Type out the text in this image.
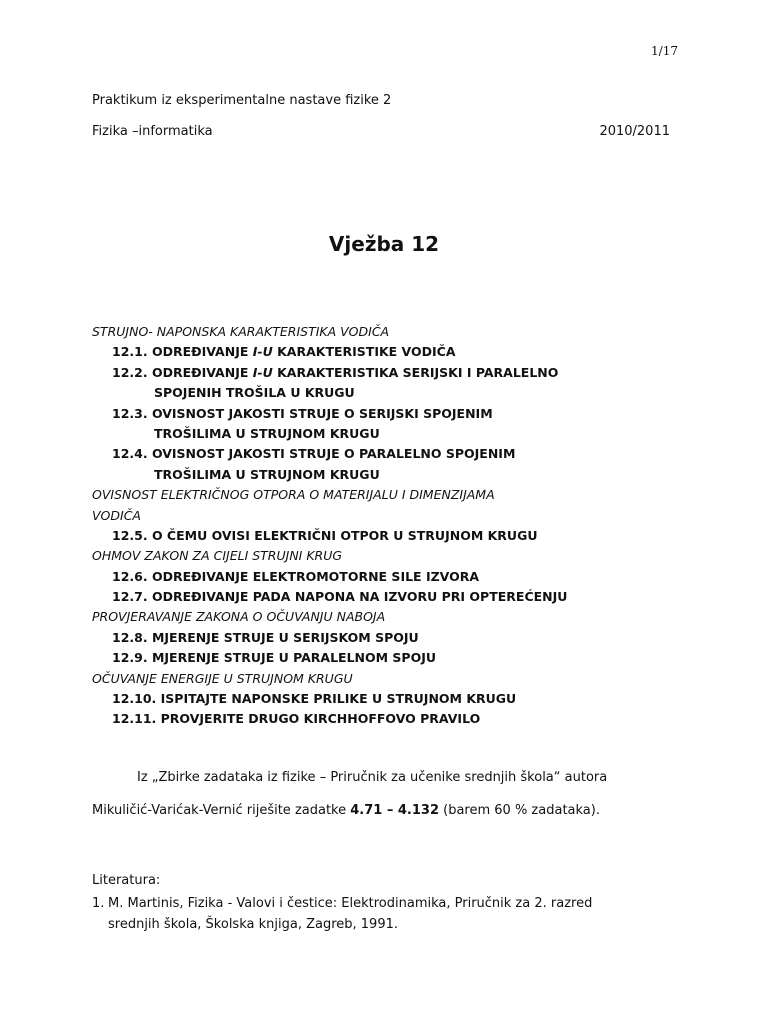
1/17
Praktikum iz eksperimentalne nastave fizike 2
Fizika –informatika	2010/2011
Vježba 12
STRUJNO- NAPONSKA KARAKTERISTIKA VODIČA
12.1. ODREĐIVANJE I-U KARAKTERISTIKE VODIČA
12.2. ODREĐIVANJE I-U KARAKTERISTIKA SERIJSKI I PARALELNO
SPOJENIH TROŠILA U KRUGU
12.3. OVISNOST JAKOSTI STRUJE O SERIJSKI SPOJENIM
TROŠILIMA U STRUJNOM KRUGU
12.4. OVISNOST JAKOSTI STRUJE O PARALELNO SPOJENIM
TROŠILIMA U STRUJNOM KRUGU
OVISNOST ELEKTRIČNOG OTPORA O MATERIJALU I DIMENZIJAMA
VODIČA
12.5. O ČEMU OVISI ELEKTRIČNI OTPOR U STRUJNOM KRUGU
OHMOV ZAKON ZA CIJELI STRUJNI KRUG
12.6. ODREĐIVANJE ELEKTROMOTORNE SILE IZVORA
12.7. ODREĐIVANJE PADA NAPONA NA IZVORU PRI OPTEREĆENJU
PROVJERAVANJE ZAKONA O OČUVANJU NABOJA
12.8. MJERENJE STRUJE U SERIJSKOM SPOJU
12.9. MJERENJE STRUJE U PARALELNOM SPOJU
OČUVANJE ENERGIJE U STRUJNOM KRUGU
12.10. ISPITAJTE NAPONSKE PRILIKE U STRUJNOM KRUGU
12.11. PROVJERITE DRUGO KIRCHHOFFOVO PRAVILO
Iz „Zbirke zadataka iz fizike – Priručnik za učenike srednjih škola“ autora
Mikuličić-Varićak-Vernić riješite zadatke 4.71 – 4.132 (barem 60 % zadataka).
Literatura:
1. M. Martinis, Fizika - Valovi i čestice: Elektrodinamika, Priručnik za 2. razred
srednjih škola, Školska knjiga, Zagreb, 1991.
